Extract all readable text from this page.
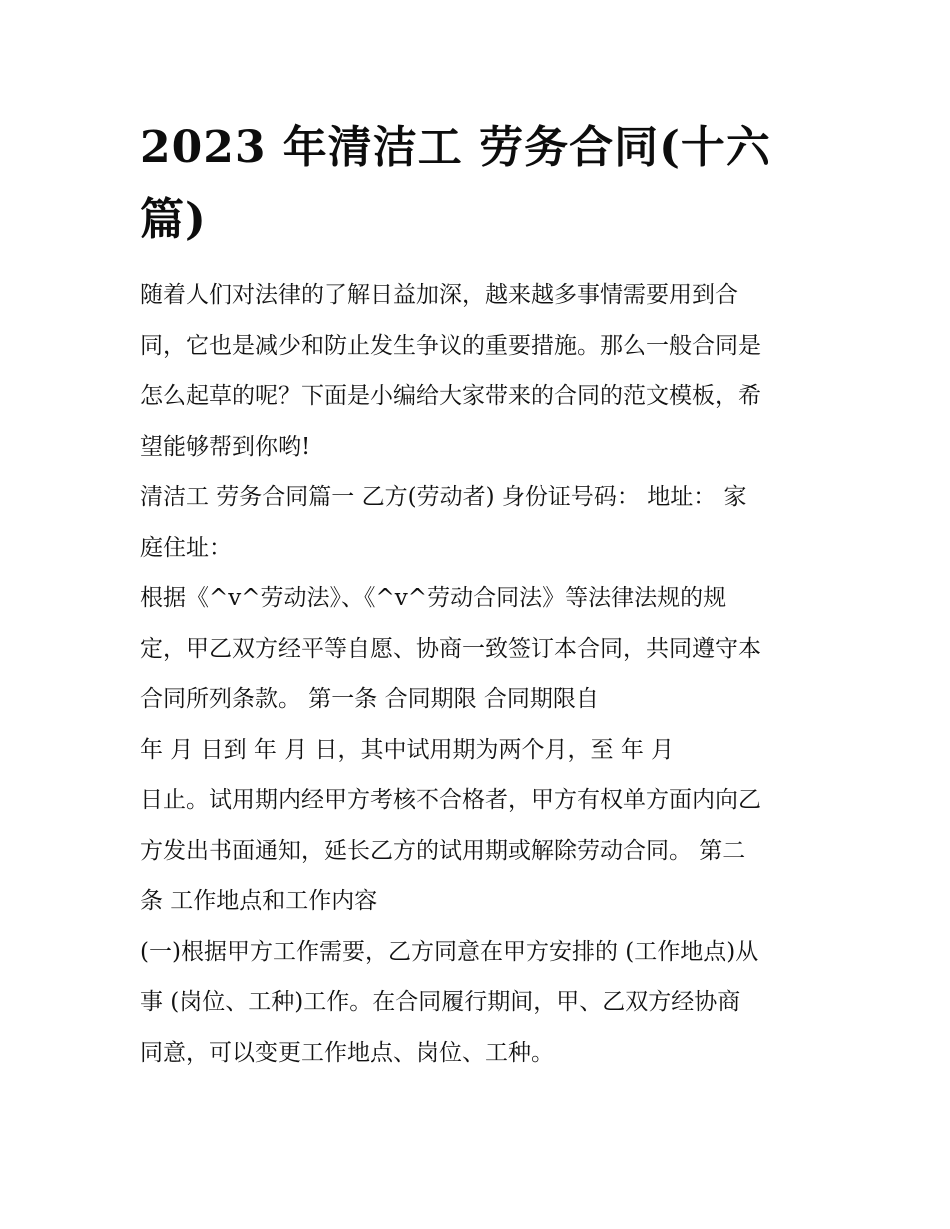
2023 年清洁工 劳务合同(十六
篇)
随着人们对法律的了解日益加深，越来越多事情需要用到合
同，它也是减少和防止发生争议的重要措施。那么一般合同是
怎么起草的呢？下面是小编给大家带来的合同的范文模板，希
望能够帮到你哟!
清洁工 劳务合同篇一 乙方(劳动者) 身份证号码： 地址： 家
庭住址：
根据《^v^劳动法》、《^v^劳动合同法》等法律法规的规
定，甲乙双方经平等自愿、协商一致签订本合同，共同遵守本
合同所列条款。 第一条 合同期限 合同期限自
年 月 日到 年 月 日，其中试用期为两个月，至 年 月
日止。试用期内经甲方考核不合格者，甲方有权单方面内向乙
方发出书面通知，延长乙方的试用期或解除劳动合同。 第二
条 工作地点和工作内容
(一)根据甲方工作需要，乙方同意在甲方安排的 (工作地点)从
事 (岗位、工种)工作。在合同履行期间，甲、乙双方经协商
同意，可以变更工作地点、岗位、工种。
